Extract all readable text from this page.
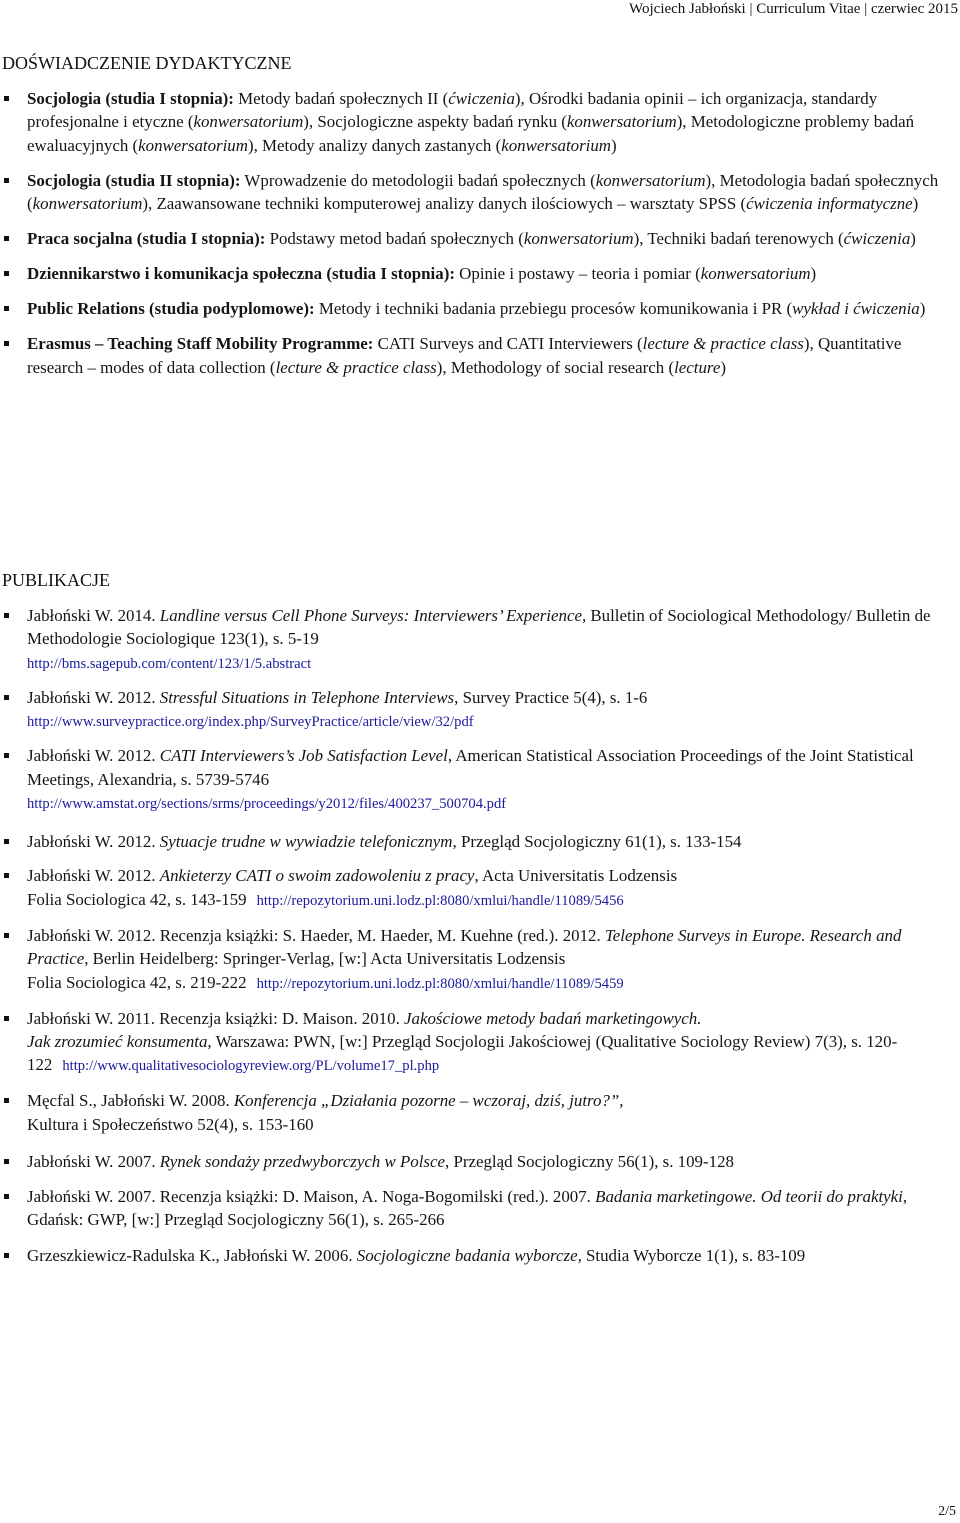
Wojciech Jabłoński | Curriculum Vitae | czerwiec 2015
DOŚWIADCZENIE DYDAKTYCZNE
Socjologia (studia I stopnia): Metody badań społecznych II (ćwiczenia), Ośrodki badania opinii – ich organizacja, standardy profesjonalne i etyczne (konwersatorium), Socjologiczne aspekty badań rynku (konwersatorium), Metodologiczne problemy badań ewaluacyjnych (konwersatorium), Metody analizy danych zastanych (konwersatorium)
Socjologia (studia II stopnia): Wprowadzenie do metodologii badań społecznych (konwersatorium), Metodologia badań społecznych (konwersatorium), Zaawansowane techniki komputerowej analizy danych ilościowych – warsztaty SPSS (ćwiczenia informatyczne)
Praca socjalna (studia I stopnia): Podstawy metod badań społecznych (konwersatorium), Techniki badań terenowych (ćwiczenia)
Dziennikarstwo i komunikacja społeczna (studia I stopnia): Opinie i postawy – teoria i pomiar (konwersatorium)
Public Relations (studia podyplomowe): Metody i techniki badania przebiegu procesów komunikowania i PR (wykład i ćwiczenia)
Erasmus – Teaching Staff Mobility Programme: CATI Surveys and CATI Interviewers (lecture & practice class), Quantitative research – modes of data collection (lecture & practice class), Methodology of social research (lecture)
PUBLIKACJE
Jabłoński W. 2014. Landline versus Cell Phone Surveys: Interviewers’ Experience, Bulletin of Sociological Methodology/ Bulletin de Methodologie Sociologique 123(1), s. 5-19
http://bms.sagepub.com/content/123/1/5.abstract
Jabłoński W. 2012. Stressful Situations in Telephone Interviews, Survey Practice 5(4), s. 1-6
http://www.surveypractice.org/index.php/SurveyPractice/article/view/32/pdf
Jabłoński W. 2012. CATI Interviewers’s Job Satisfaction Level, American Statistical Association Proceedings of the Joint Statistical Meetings, Alexandria, s. 5739-5746
http://www.amstat.org/sections/srms/proceedings/y2012/files/400237_500704.pdf
Jabłoński W. 2012. Sytuacje trudne w wywiadzie telefonicznym, Przegląd Socjologiczny 61(1), s. 133-154
Jabłoński W. 2012. Ankieterzy CATI o swoim zadowoleniu z pracy, Acta Universitatis Lodzensis
Folia Sociologica 42, s. 143-159 http://repozytorium.uni.lodz.pl:8080/xmlui/handle/11089/5456
Jabłoński W. 2012. Recenzja książki: S. Haeder, M. Haeder, M. Kuehne (red.). 2012. Telephone Surveys in Europe. Research and Practice, Berlin Heidelberg: Springer-Verlag, [w:] Acta Universitatis Lodzensis
Folia Sociologica 42, s. 219-222 http://repozytorium.uni.lodz.pl:8080/xmlui/handle/11089/5459
Jabłoński W. 2011. Recenzja książki: D. Maison. 2010. Jakościowe metody badań marketingowych.
Jak zrozumieć konsumenta, Warszawa: PWN, [w:] Przegląd Socjologii Jakościowej (Qualitative Sociology Review) 7(3), s. 120-122 http://www.qualitativesociologyreview.org/PL/volume17_pl.php
Męcfal S., Jabłoński W. 2008. Konferencja „Działania pozorne – wczoraj, dziś, jutro?”,
Kultura i Społeczeństwo 52(4), s. 153-160
Jabłoński W. 2007. Rynek sondaży przedwyborczych w Polsce, Przegląd Socjologiczny 56(1), s. 109-128
Jabłoński W. 2007. Recenzja książki: D. Maison, A. Noga-Bogomilski (red.). 2007. Badania marketingowe. Od teorii do praktyki, Gdańsk: GWP, [w:] Przegląd Socjologiczny 56(1), s. 265-266
Grzeszkiewicz-Radulska K., Jabłoński W. 2006. Socjologiczne badania wyborcze, Studia Wyborcze 1(1), s. 83-109
2/5
